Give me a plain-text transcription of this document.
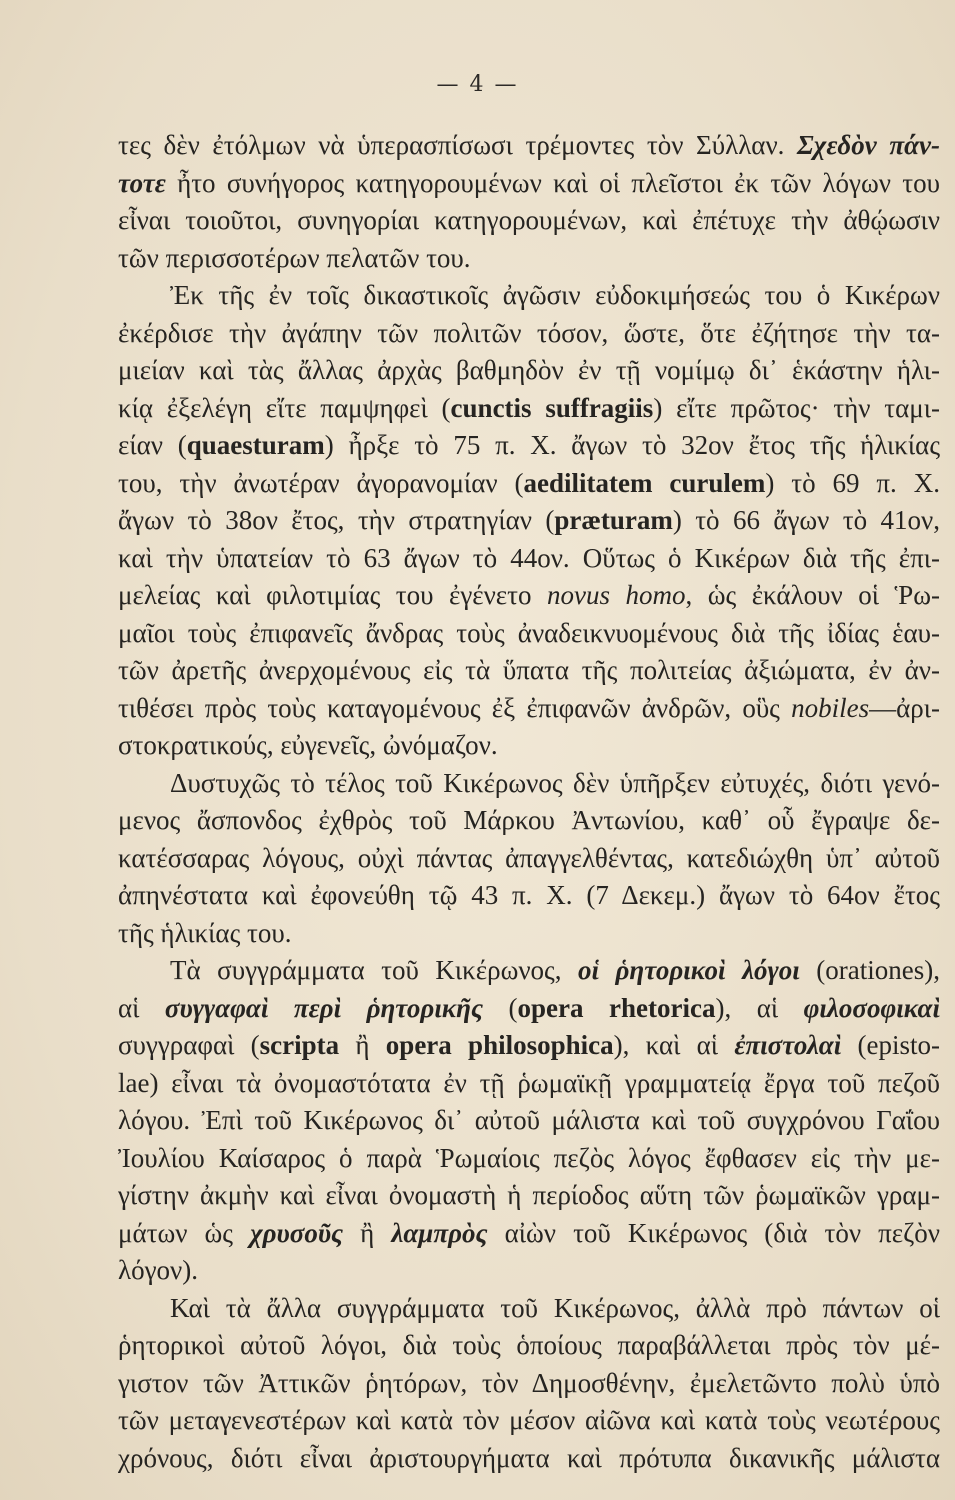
— 4 —
τες δὲν ἐτόλμων νὰ ὑπερασπίσωσι τρέμοντες τὸν Σύλλαν. Σχεδὸν πάν-
τοτε ἦτο συνήγορος κατηγορουμένων καὶ οἱ πλεῖστοι ἐκ τῶν λόγων του
εἶναι τοιοῦτοι, συνηγορίαι κατηγορουμένων, καὶ ἐπέτυχε τὴν ἀθῴωσιν
τῶν περισσοτέρων πελατῶν του.
Ἐκ τῆς ἐν τοῖς δικαστικοῖς ἀγῶσιν εὐδοκιμήσεώς του ὁ Κικέρων
ἐκέρδισε τὴν ἀγάπην τῶν πολιτῶν τόσον, ὥστε, ὅτε ἐζήτησε τὴν τα-
μιείαν καὶ τὰς ἄλλας ἀρχὰς βαθμηδὸν ἐν τῇ νομίμῳ δι᾿ ἑκάστην ἡλι-
κίᾳ ἐξελέγη εἴτε παμψηφεὶ (cunctis suffragiis) εἴτε πρῶτος· τὴν ταμι-
είαν (quaesturam) ἦρξε τὸ 75 π. Χ. ἄγων τὸ 32ον ἔτος τῆς ἡλικίας
του, τὴν ἀνωτέραν ἀγορανομίαν (aedilitatem curulem) τὸ 69 π. Χ.
ἄγων τὸ 38ον ἔτος, τὴν στρατηγίαν (præturam) τὸ 66 ἄγων τὸ 41ον,
καὶ τὴν ὑπατείαν τὸ 63 ἄγων τὸ 44ον. Οὕτως ὁ Κικέρων διὰ τῆς ἐπι-
μελείας καὶ φιλοτιμίας του ἐγένετο novus homo, ὡς ἐκάλουν οἱ Ῥω-
μαῖοι τοὺς ἐπιφανεῖς ἄνδρας τοὺς ἀναδεικνυομένους διὰ τῆς ἰδίας ἑαυ-
τῶν ἀρετῆς ἀνερχομένους εἰς τὰ ὕπατα τῆς πολιτείας ἀξιώματα, ἐν ἀν-
τιθέσει πρὸς τοὺς καταγομένους ἐξ ἐπιφανῶν ἀνδρῶν, οὓς nobiles—ἀρι-
στοκρατικούς, εὐγενεῖς, ὠνόμαζον.
Δυστυχῶς τὸ τέλος τοῦ Κικέρωνος δὲν ὑπῆρξεν εὐτυχές, διότι γενό-
μενος ἄσπονδος ἐχθρὸς τοῦ Μάρκου Ἀντωνίου, καθ᾿ οὗ ἔγραψε δε-
κατέσσαρας λόγους, οὐχὶ πάντας ἀπαγγελθέντας, κατεδιώχθη ὑπ᾿ αὐτοῦ
ἀπηνέστατα καὶ ἐφονεύθη τῷ 43 π. Χ. (7 Δεκεμ.) ἄγων τὸ 64ον ἔτος
τῆς ἡλικίας του.
Τὰ συγγράμματα τοῦ Κικέρωνος, οἱ ῥητορικοὶ λόγοι (orationes),
αἱ συγγαφαὶ περὶ ῥητορικῆς (opera rhetorica), αἱ φιλοσοφικαὶ
συγγραφαὶ (scripta ἢ opera philosophica), καὶ αἱ ἐπιστολαὶ (episto-
lae) εἶναι τὰ ὀνομαστότατα ἐν τῇ ῥωμαϊκῇ γραμματείᾳ ἔργα τοῦ πεζοῦ
λόγου. Ἐπὶ τοῦ Κικέρωνος δι᾿ αὐτοῦ μάλιστα καὶ τοῦ συγχρόνου Γαΐου
Ἰουλίου Καίσαρος ὁ παρὰ Ῥωμαίοις πεζὸς λόγος ἔφθασεν εἰς τὴν με-
γίστην ἀκμὴν καὶ εἶναι ὀνομαστὴ ἡ περίοδος αὕτη τῶν ῥωμαϊκῶν γραμ-
μάτων ὡς χρυσοῦς ἢ λαμπρὸς αἰὼν τοῦ Κικέρωνος (διὰ τὸν πεζὸν
λόγον).
Καὶ τὰ ἄλλα συγγράμματα τοῦ Κικέρωνος, ἀλλὰ πρὸ πάντων οἱ
ῥητορικοὶ αὐτοῦ λόγοι, διὰ τοὺς ὁποίους παραβάλλεται πρὸς τὸν μέ-
γιστον τῶν Ἀττικῶν ῥητόρων, τὸν Δημοσθένην, ἐμελετῶντο πολὺ ὑπὸ
τῶν μεταγενεστέρων καὶ κατὰ τὸν μέσον αἰῶνα καὶ κατὰ τοὺς νεωτέρους
χρόνους, διότι εἶναι ἀριστουργήματα καὶ πρότυπα δικανικῆς μάλιστα
